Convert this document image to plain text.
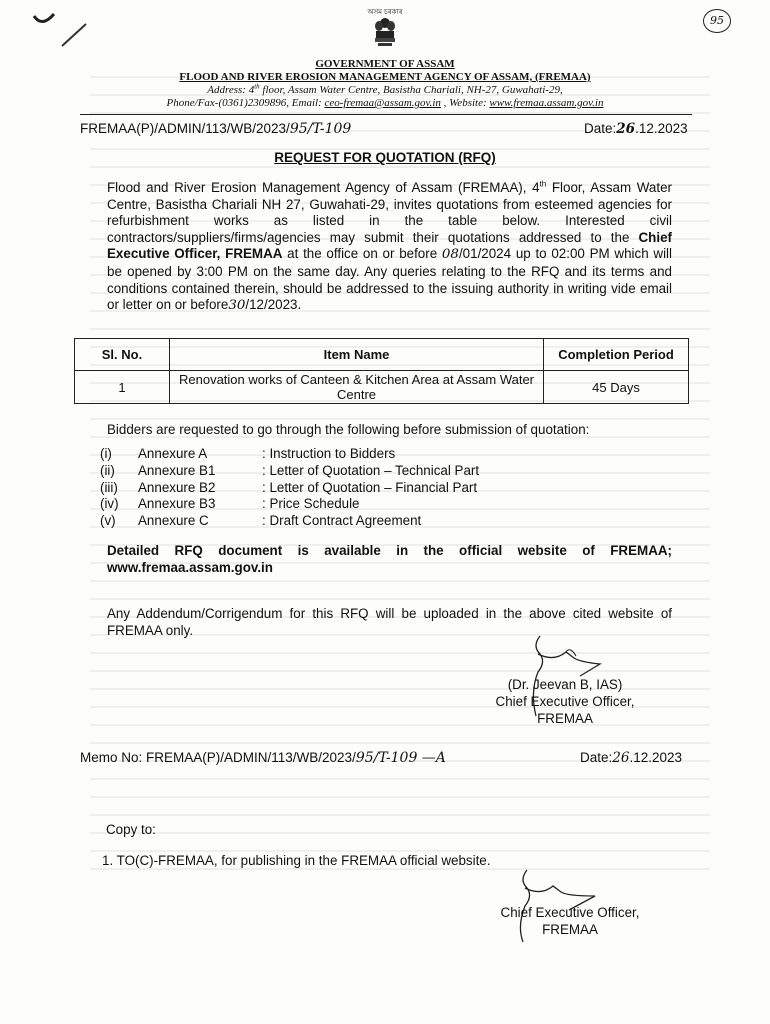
অসম চৰকাৰ
95
GOVERNMENT OF ASSAM
FLOOD AND RIVER EROSION MANAGEMENT AGENCY OF ASSAM, (FREMAA)
Address: 4th floor, Assam Water Centre, Basistha Chariali, NH-27, Guwahati-29,
Phone/Fax-(0361)2309896, Email: ceo-fremaa@assam.gov.in , Website: www.fremaa.assam.gov.in
FREMAA(P)/ADMIN/113/WB/2023/95/T-109	Date:26.12.2023
REQUEST FOR QUOTATION (RFQ)
Flood and River Erosion Management Agency of Assam (FREMAA), 4th Floor, Assam Water Centre, Basistha Chariali NH 27, Guwahati-29, invites quotations from esteemed agencies for refurbishment works as listed in the table below. Interested civil contractors/suppliers/firms/agencies may submit their quotations addressed to the Chief Executive Officer, FREMAA at the office on or before 08/01/2024 up to 02:00 PM which will be opened by 3:00 PM on the same day. Any queries relating to the RFQ and its terms and conditions contained therein, should be addressed to the issuing authority in writing vide email or letter on or before30/12/2023.
Sl. No.	Item Name	Completion Period
1	Renovation works of Canteen & Kitchen Area at Assam Water Centre	45 Days
Bidders are requested to go through the following before submission of quotation:
(i) Annexure A	: Instruction to Bidders
(ii) Annexure B1	: Letter of Quotation – Technical Part
(iii) Annexure B2	: Letter of Quotation – Financial Part
(iv) Annexure B3	: Price Schedule
(v) Annexure C	: Draft Contract Agreement
Detailed RFQ document is available in the official website of FREMAA; www.fremaa.assam.gov.in
Any Addendum/Corrigendum for this RFQ will be uploaded in the above cited website of FREMAA only.
(Dr. Jeevan B, IAS)
Chief Executive Officer,
FREMAA
Memo No: FREMAA(P)/ADMIN/113/WB/2023/95/T-109 —A	Date:26.12.2023
Copy to:
1. TO(C)-FREMAA, for publishing in the FREMAA official website.
Chief Executive Officer,
FREMAA
